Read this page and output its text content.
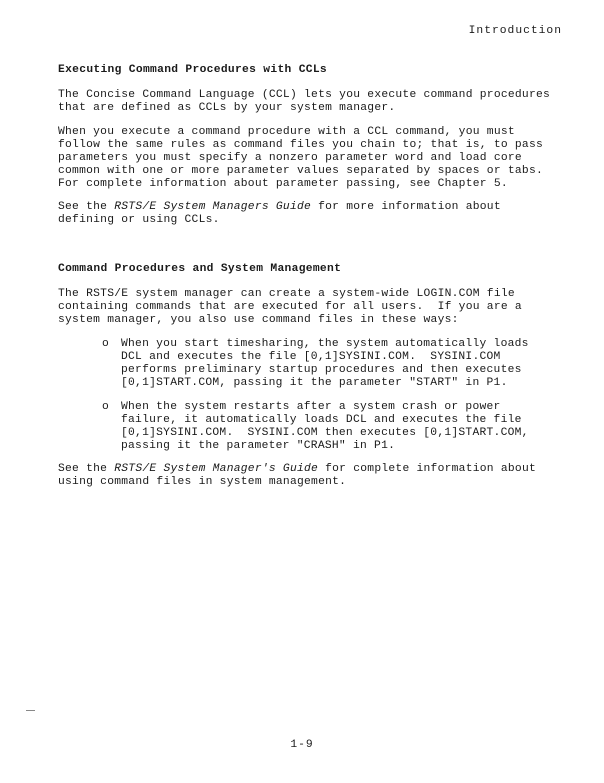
Introduction
Executing Command Procedures with CCLs
The Concise Command Language (CCL) lets you execute command procedures
that are defined as CCLs by your system manager.
When you execute a command procedure with a CCL command, you must
follow the same rules as command files you chain to; that is, to pass
parameters you must specify a nonzero parameter word and load core
common with one or more parameter values separated by spaces or tabs.
For complete information about parameter passing, see Chapter 5.
See the RSTS/E System Managers Guide for more information about
defining or using CCLs.
Command Procedures and System Management
The RSTS/E system manager can create a system-wide LOGIN.COM file
containing commands that are executed for all users.  If you are a
system manager, you also use command files in these ways:
o When you start timesharing, the system automatically loads
DCL and executes the file [0,1]SYSINI.COM.  SYSINI.COM
performs preliminary startup procedures and then executes
[0,1]START.COM, passing it the parameter "START" in P1.
o When the system restarts after a system crash or power
failure, it automatically loads DCL and executes the file
[0,1]SYSINI.COM.  SYSINI.COM then executes [0,1]START.COM,
passing it the parameter "CRASH" in P1.
See the RSTS/E System Manager's Guide for complete information about
using command files in system management.
1-9
